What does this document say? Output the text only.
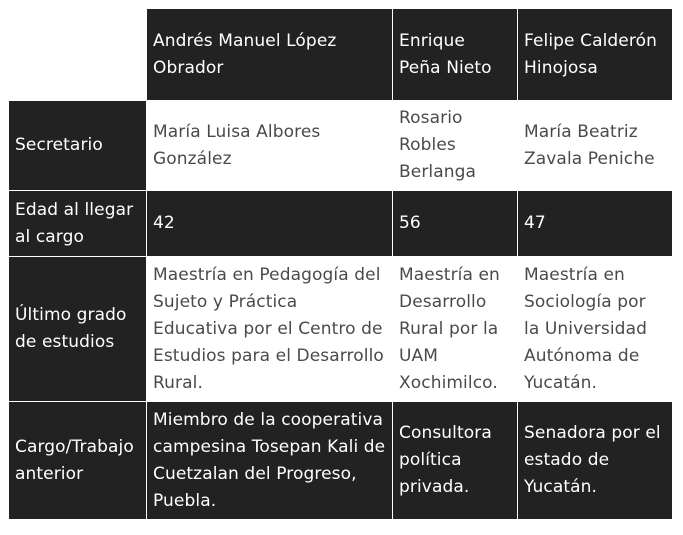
	Andrés Manuel López Obrador	Enrique Peña Nieto	Felipe Calderón Hinojosa
Secretario	María Luisa Albores González	Rosario Robles Berlanga	María Beatriz Zavala Peniche
Edad al llegar al cargo	42	56	47
Último grado de estudios	Maestría en Pedagogía del Sujeto y Práctica Educativa por el Centro de Estudios para el Desarrollo Rural.	Maestría en Desarrollo Rural por la UAM Xochimilco.	Maestría en Sociología por la Universidad Autónoma de Yucatán.
Cargo/Trabajo anterior	Miembro de la cooperativa campesina Tosepan Kali de Cuetzalan del Progreso, Puebla.	Consultora política privada.	Senadora por el estado de Yucatán.
